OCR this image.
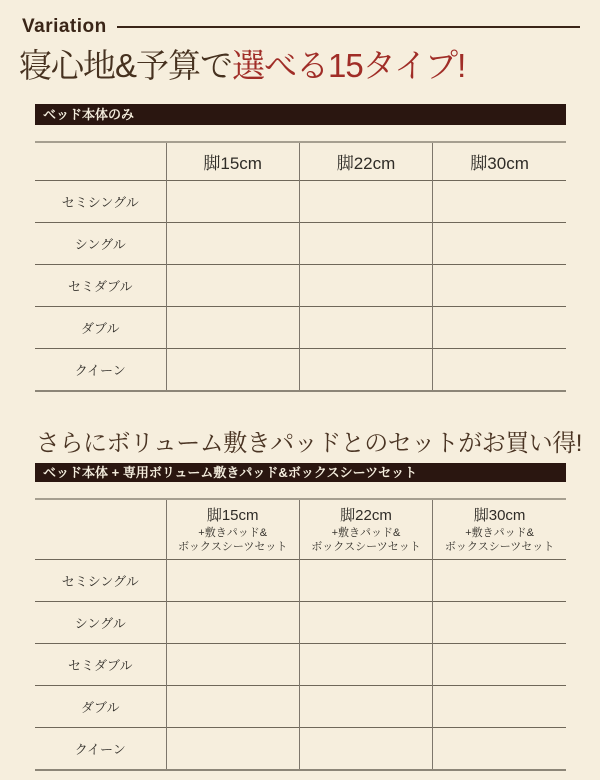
Variation
寝心地&予算で選べる15タイプ!
ベッド本体のみ
	脚15cm	脚22cm	脚30cm
セミシングル			
シングル			
セミダブル			
ダブル			
クイーン			
さらにボリューム敷きパッドとのセットがお買い得!
ベッド本体 + 専用ボリューム敷きパッド&ボックスシーツセット

	脚15cm
+敷きパッド&
ボックスシーツセット	脚22cm
+敷きパッド&
ボックスシーツセット	脚30cm
+敷きパッド&
ボックスシーツセット

セミシングル			
シングル			
セミダブル			
ダブル			
クイーン			
